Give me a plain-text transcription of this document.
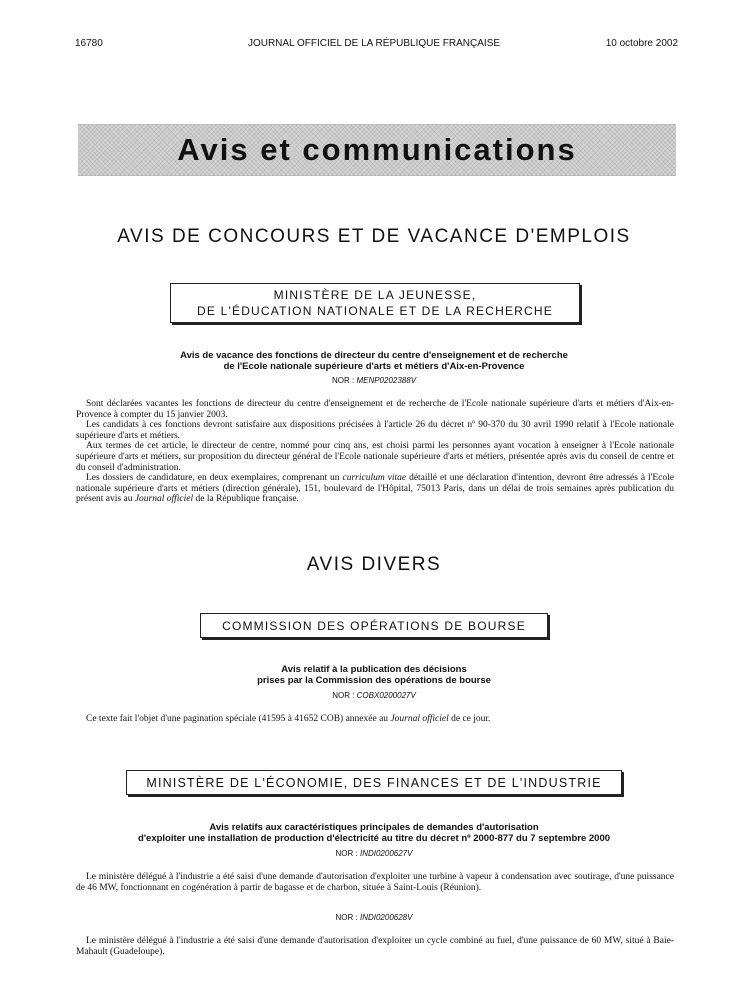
16780	JOURNAL OFFICIEL DE LA RÉPUBLIQUE FRANÇAISE	10 octobre 2002
Avis et communications
AVIS DE CONCOURS ET DE VACANCE D'EMPLOIS
MINISTÈRE DE LA JEUNESSE,
DE L'ÉDUCATION NATIONALE ET DE LA RECHERCHE
Avis de vacance des fonctions de directeur du centre d'enseignement et de recherche
de l'Ecole nationale supérieure d'arts et métiers d'Aix-en-Provence
NOR : MENP0202388V

Sont déclarées vacantes les fonctions de directeur du centre d'enseignement et de recherche de l'Ecole nationale supérieure d'arts et métiers d'Aix-en-Provence à compter du 15 janvier 2003.

Les candidats à ces fonctions devront satisfaire aux dispositions précisées à l'article 26 du décret nº 90-370 du 30 avril 1990 relatif à l'Ecole nationale supérieure d'arts et métiers.

Aux termes de cet article, le directeur de centre, nommé pour cinq ans, est choisi parmi les personnes ayant vocation à enseigner à l'Ecole nationale supérieure d'arts et métiers, sur proposition du directeur général de l'Ecole nationale supérieure d'arts et métiers, présentée après avis du conseil de centre et du conseil d'administration.

Les dossiers de candidature, en deux exemplaires, comprenant un curriculum vitae détaillé et une déclaration d'intention, devront être adressés à l'Ecole nationale supérieure d'arts et métiers (direction générale), 151, boulevard de l'Hôpital, 75013 Paris, dans un délai de trois semaines après publication du présent avis au Journal officiel de la République française.

AVIS DIVERS
COMMISSION DES OPÉRATIONS DE BOURSE
Avis relatif à la publication des décisions
prises par la Commission des opérations de bourse
NOR : COBX0200027V

Ce texte fait l'objet d'une pagination spéciale (41595 à 41652 COB) annexée au Journal officiel de ce jour.

MINISTÈRE DE L'ÉCONOMIE, DES FINANCES ET DE L'INDUSTRIE
Avis relatifs aux caractéristiques principales de demandes d'autorisation
d'exploiter une installation de production d'électricité au titre du décret nº 2000-877 du 7 septembre 2000
NOR : INDI0200627V

Le ministère délégué à l'industrie a été saisi d'une demande d'autorisation d'exploiter une turbine à vapeur à condensation avec soutirage, d'une puissance de 46 MW, fonctionnant en cogénération à partir de bagasse et de charbon, située à Saint-Louis (Réunion).

NOR : INDI0200628V

Le ministère délégué à l'industrie a été saisi d'une demande d'autorisation d'exploiter un cycle combiné au fuel, d'une puissance de 60 MW, situé à Baie-Mahault (Guadeloupe).
